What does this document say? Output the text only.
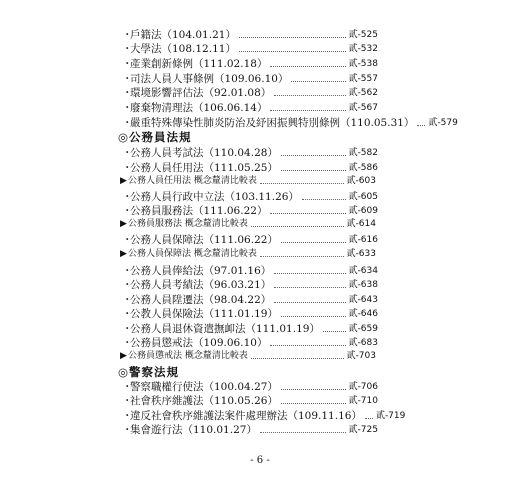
・
戶籍法（104.01.21）	貳-525
・
大學法（108.12.11）	貳-532
・
產業創新條例（111.02.18）	貳-538
・
司法人員人事條例（109.06.10）	貳-557
・
環境影響評估法（92.01.08）	貳-562
・
廢棄物清理法（106.06.14）	貳-567
・
嚴重特殊傳染性肺炎防治及紓困振興特別條例（110.05.31） 貳-579
◎公務員法規
・
公務人員考試法（110.04.28）	貳-582
・
公務人員任用法（111.05.25）	貳-586
▶ 公務人員任用法 概念釐清比較表	貳-603
・
公務人員行政中立法（103.11.26）	貳-605
・
公務員服務法（111.06.22）	貳-609
▶ 公務員服務法 概念釐清比較表	貳-614
・
公務人員保障法（111.06.22）	貳-616
▶ 公務人員保障法 概念釐清比較表	貳-633
・
公務人員俸給法（97.01.16）	貳-634
・
公務人員考績法（96.03.21）	貳-638
・
公務人員陞遷法（98.04.22）	貳-643
・
公教人員保險法（111.01.19）	貳-646
・
公務人員退休資遣撫卹法（111.01.19）	貳-659
・
公務員懲戒法（109.06.10）	貳-683
▶ 公務員懲戒法 概念釐清比較表	貳-703
◎警察法規
・
警察職權行使法（100.04.27）	貳-706
・
社會秩序維護法（110.05.26）	貳-710
・
違反社會秩序維護法案件處理辦法（109.11.16） 貳-719
・
集會遊行法（110.01.27）	貳-725
- 6 -
